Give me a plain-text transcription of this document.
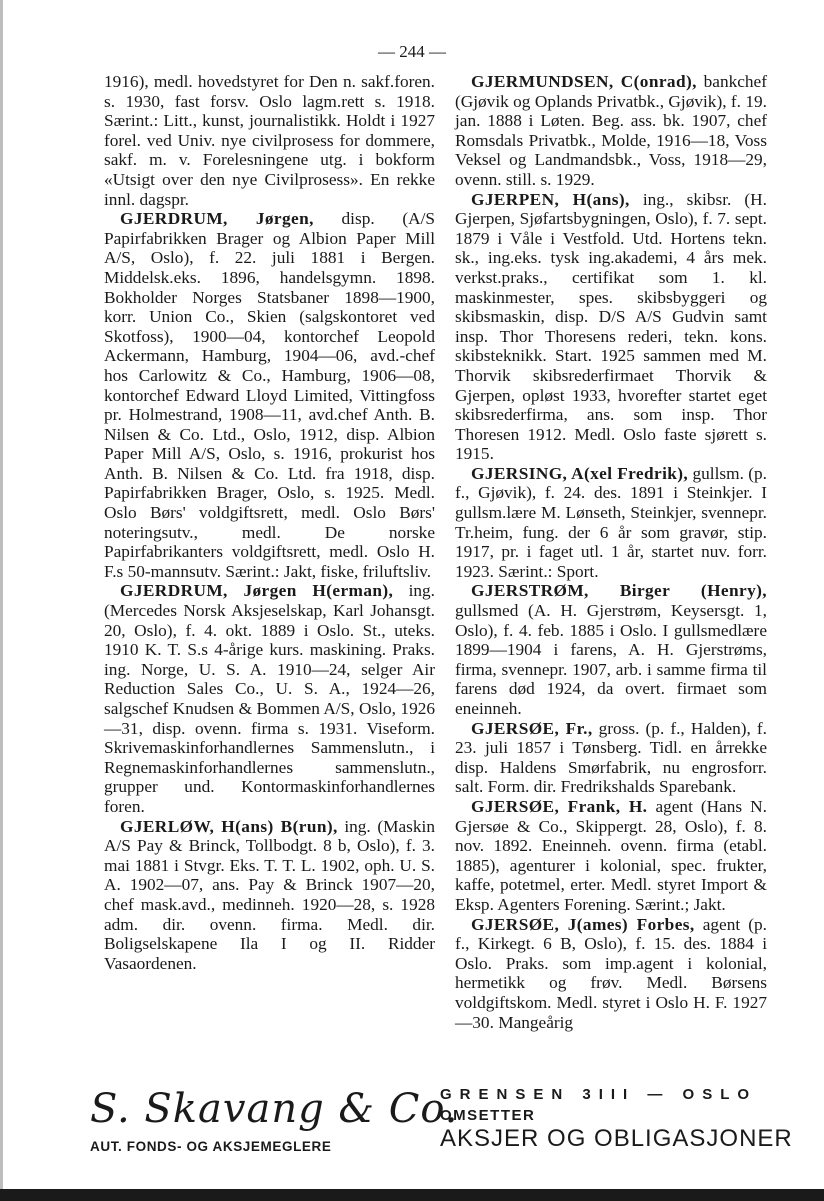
— 244 —

1916), medl. hovedstyret for Den n. sakf.foren. s. 1930, fast forsv. Oslo lagm.rett s. 1918. Særint.: Litt., kunst, journalistikk. Holdt i 1927 forel. ved Univ. nye civilprosess for dommere, sakf. m. v. Forelesningene utg. i bokform «Utsigt over den nye Civilprosess». En rekke innl. dagspr.

GJERDRUM, Jørgen, disp. (A/S Papirfabrikken Brager og Albion Paper Mill A/S, Oslo), f. 22. juli 1881 i Bergen. Middelsk.eks. 1896, handelsgymn. 1898. Bokholder Norges Statsbaner 1898—1900, korr. Union Co., Skien (salgskontoret ved Skotfoss), 1900—04, kontorchef Leopold Ackermann, Hamburg, 1904—06, avd.-chef hos Carlowitz & Co., Hamburg, 1906—08, kontorchef Edward Lloyd Limited, Vittingfoss pr. Holmestrand, 1908—11, avd.chef Anth. B. Nilsen & Co. Ltd., Oslo, 1912, disp. Albion Paper Mill A/S, Oslo, s. 1916, prokurist hos Anth. B. Nilsen & Co. Ltd. fra 1918, disp. Papirfabrikken Brager, Oslo, s. 1925. Medl. Oslo Børs' voldgiftsrett, medl. Oslo Børs' noteringsutv., medl. De norske Papirfabrikanters voldgiftsrett, medl. Oslo H. F.s 50-mannsutv. Særint.: Jakt, fiske, friluftsliv.

GJERDRUM, Jørgen H(erman), ing. (Mercedes Norsk Aksjeselskap, Karl Johansgt. 20, Oslo), f. 4. okt. 1889 i Oslo. St., uteks. 1910 K. T. S.s 4-årige kurs. maskining. Praks. ing. Norge, U. S. A. 1910—24, selger Air Reduction Sales Co., U. S. A., 1924—26, salgschef Knudsen & Bommen A/S, Oslo, 1926—31, disp. ovenn. firma s. 1931. Viseform. Skrivemaskinforhandlernes Sammenslutn., i Regnemaskinforhandlernes sammenslutn., grupper und. Kontormaskinforhandlernes foren.

GJERLØW, H(ans) B(run), ing. (Maskin A/S Pay & Brinck, Tollbodgt. 8 b, Oslo), f. 3. mai 1881 i Stvgr. Eks. T. T. L. 1902, oph. U. S. A. 1902—07, ans. Pay & Brinck 1907—20, chef mask.avd., medinneh. 1920—28, s. 1928 adm. dir. ovenn. firma. Medl. dir. Boligselskapene Ila I og II. Ridder Vasaordenen.

GJERMUNDSEN, C(onrad), bankchef (Gjøvik og Oplands Privatbk., Gjøvik), f. 19. jan. 1888 i Løten. Beg. ass. bk. 1907, chef Romsdals Privatbk., Molde, 1916—18, Voss Veksel og Landmandsbk., Voss, 1918—29, ovenn. still. s. 1929.

GJERPEN, H(ans), ing., skibsr. (H. Gjerpen, Sjøfartsbygningen, Oslo), f. 7. sept. 1879 i Våle i Vestfold. Utd. Hortens tekn. sk., ing.eks. tysk ing.akademi, 4 års mek. verkst.praks., certifikat som 1. kl. maskinmester, spes. skibsbyggeri og skibsmaskin, disp. D/S A/S Gudvin samt insp. Thor Thoresens rederi, tekn. kons. skibsteknikk. Start. 1925 sammen med M. Thorvik skibsrederfirmaet Thorvik & Gjerpen, opløst 1933, hvorefter startet eget skibsrederfirma, ans. som insp. Thor Thoresen 1912. Medl. Oslo faste sjørett s. 1915.

GJERSING, A(xel Fredrik), gullsm. (p. f., Gjøvik), f. 24. des. 1891 i Steinkjer. I gullsm.lære M. Lønseth, Steinkjer, svennepr. Tr.heim, fung. der 6 år som gravør, stip. 1917, pr. i faget utl. 1 år, startet nuv. forr. 1923. Særint.: Sport.

GJERSTRØM, Birger (Henry), gullsmed (A. H. Gjerstrøm, Keysersgt. 1, Oslo), f. 4. feb. 1885 i Oslo. I gullsmedlære 1899—1904 i farens, A. H. Gjerstrøms, firma, svennepr. 1907, arb. i samme firma til farens død 1924, da overt. firmaet som eneinneh.

GJERSØE, Fr., gross. (p. f., Halden), f. 23. juli 1857 i Tønsberg. Tidl. en årrekke disp. Haldens Smørfabrik, nu engrosforr. salt. Form. dir. Fredrikshalds Sparebank.

GJERSØE, Frank, H. agent (Hans N. Gjersøe & Co., Skippergt. 28, Oslo), f. 8. nov. 1892. Eneinneh. ovenn. firma (etabl. 1885), agenturer i kolonial, spec. frukter, kaffe, potetmel, erter. Medl. styret Import & Eksp. Agenters Forening. Særint.; Jakt.

GJERSØE, J(ames) Forbes, agent (p. f., Kirkegt. 6 B, Oslo), f. 15. des. 1884 i Oslo. Praks. som imp.agent i kolonial, hermetikk og frøv. Medl. Børsens voldgiftskom. Medl. styret i Oslo H. F. 1927—30. Mangeårig

S. Skavang & Co.
AUT. FONDS- OG AKSJEMEGLERE
GRENSEN 3III — OSLO
OMSETTER
AKSJER OG OBLIGASJONER
